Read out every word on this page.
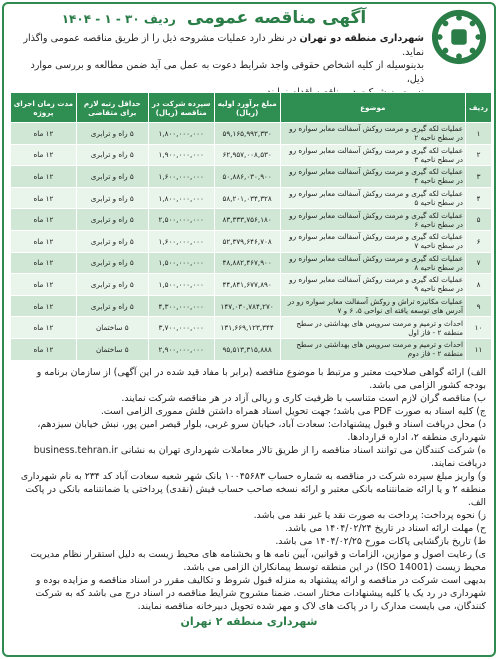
آگهی مناقصه عمومی ردیف ۳۰ - ۱ - ۱۴۰۴
شهرداری منطقه دو تهران در نظر دارد عملیات مشروحه ذیل را از طریق مناقصه عمومی واگذار نماید.
بدینوسیله از کلیه اشخاص حقوقی واجد شرایط دعوت به عمل می آید ضمن مطالعه و بررسی موارد ذیل،

ردیف	موضوع	مبلغ برآورد اولیه (ریال)	سپرده شرکت در مناقصه (ریال)	حداقل رتبه لازم برای متقاضی	مدت زمان اجرای پروژه
۱	عملیات لکه گیری و مرمت روکش آسفالت معابر سواره رو در سطح ناحیه ۲	۵۹,۱۶۵,۹۹۲,۳۳۰	۱,۸۰۰,۰۰۰,۰۰۰	۵ راه و ترابری	۱۲ ماه
۲	عملیات لکه گیری و مرمت روکش آسفالت معابر سواره رو در سطح ناحیه ۳	۶۲,۹۵۷,۰۰۸,۵۳۰	۱,۹۰۰,۰۰۰,۰۰۰	۵ راه و ترابری	۱۲ ماه
۳	عملیات لکه گیری و مرمت روکش آسفالت معابر سواره رو در سطح ناحیه ۴	۵۰,۸۸۶,۰۳۰,۹۰۰	۱,۶۰۰,۰۰۰,۰۰۰	۵ راه و ترابری	۱۲ ماه
۴	عملیات لکه گیری و مرمت روکش آسفالت معابر سواره رو در سطح ناحیه ۵	۵۸,۲۰۱,۰۳۴,۳۲۸	۱,۸۰۰,۰۰۰,۰۰۰	۵ راه و ترابری	۱۲ ماه
۵	عملیات لکه گیری و مرمت روکش آسفالت معابر سواره رو در سطح ناحیه ۶	۸۳,۳۳۳,۷۵۶,۱۸۰	۲,۵۰۰,۰۰۰,۰۰۰	۵ راه و ترابری	۱۲ ماه
۶	عملیات لکه گیری و مرمت روکش آسفالت معابر سواره رو در سطح ناحیه ۷	۵۲,۳۷۹,۶۴۶,۷۰۸	۱,۶۰۰,۰۰۰,۰۰۰	۵ راه و ترابری	۱۲ ماه
۷	عملیات لکه گیری و مرمت روکش آسفالت معابر سواره رو در سطح ناحیه ۸	۴۸,۸۸۲,۴۶۷,۹۰۰	۱,۵۰۰,۰۰۰,۰۰۰	۵ راه و ترابری	۱۲ ماه
۸	عملیات لکه گیری و مرمت روکش آسفالت معابر سواره رو در سطح ناحیه ۹	۴۴,۸۴۱,۶۷۷,۸۹۰	۱,۵۰۰,۰۰۰,۰۰۰	۵ راه و ترابری	۱۲ ماه
۹	عملیات مکانیزه تراش و روکش آسفالت معابر سواره رو در آدرس های توسعه یافته ای نواحی ۵، ۶ و ۷	۱۴۷,۰۳۰,۷۸۴,۲۷۰	۴,۳۰۰,۰۰۰,۰۰۰	۵ راه و ترابری	۱۲ ماه
۱۰	احداث و ترمیم و مرمت سرویس های بهداشتی در سطح منطقه ۲ - فاز اول	۱۳۱,۶۶۹,۱۲۳,۳۴۴	۳,۷۰۰,۰۰۰,۰۰۰	۵ ساختمان	۱۲ ماه
۱۱	احداث و ترمیم و مرمت سرویس های بهداشتی در سطح منطقه ۲ - فاز دوم	۹۵,۵۱۳,۳۱۵,۸۸۸	۲,۹۰۰,۰۰۰,۰۰۰	۵ ساختمان	۱۲ ماه

الف) ارائه گواهی صلاحیت معتبر و مرتبط با موضوع مناقصه (برابر با مفاد قید شده در این آگهی) از سازمان برنامه و بودجه کشور الزامی می باشد.

ب) مناقصه گران لازم است متناسب با ظرفیت کاری و ریالی آزاد در هر مناقصه شرکت نمایند.

ج) کلیه اسناد به صورت PDF می باشد؛ جهت تحویل اسناد همراه داشتن فلش مموری الزامی است.

د) محل دریافت اسناد و قبول پیشنهادات: سعادت آباد، خیابان سرو غربی، بلوار قیصر امین پور، نبش خیابان سیزدهم، شهرداری منطقه ۲، اداره قراردادها.

ه) شرکت کنندگان می توانند اسناد مناقصه را از طریق تالار معاملات شهرداری تهران به نشانی business.tehran.ir دریافت نمایند.

و) واریز مبلغ سپرده شرکت در مناقصه به شماره حساب ۱۰۰۴۵۶۸۳ بانک شهر شعبه سعادت آباد کد ۲۳۴ به نام شهرداری منطقه ۲ و یا ارائه ضمانتنامه بانکی معتبر و ارائه نسخه صاحب حساب فیش (نقدی) پرداختی یا ضمانتنامه بانکی در پاکت الف.

ز) نحوه پرداخت: پرداخت به صورت نقد یا غیر نقد می باشد.

ح) مهلت ارائه اسناد در تاریخ ۱۴۰۴/۰۲/۲۴ می باشد.

ط) تاریخ بازگشایی پاکات مورخ ۱۴۰۴/۰۲/۲۵ می باشد.

ی) رعایت اصول و موازین، الزامات و قوانین، آیین نامه ها و بخشنامه های محیط زیست به دلیل استقرار نظام مدیریت محیط زیست (ISO 14001) در این منطقه توسط پیمانکاران الزامی می باشد.

بدیهی است شرکت در مناقصه و ارائه پیشنهاد به منزله قبول شروط و تکالیف مقرر در اسناد مناقصه و مزایده بوده و شهرداری در رد یک یا کلیه پیشنهادات مختار است. ضمنا مشروح شرایط مناقصه در اسناد درج می باشد که به شرکت کنندگان، می بایست مدارک را در پاکت های لاک و مهر شده تحویل دبیرخانه مناقصه نمایند.

شهرداری منطقه ۲ تهران
